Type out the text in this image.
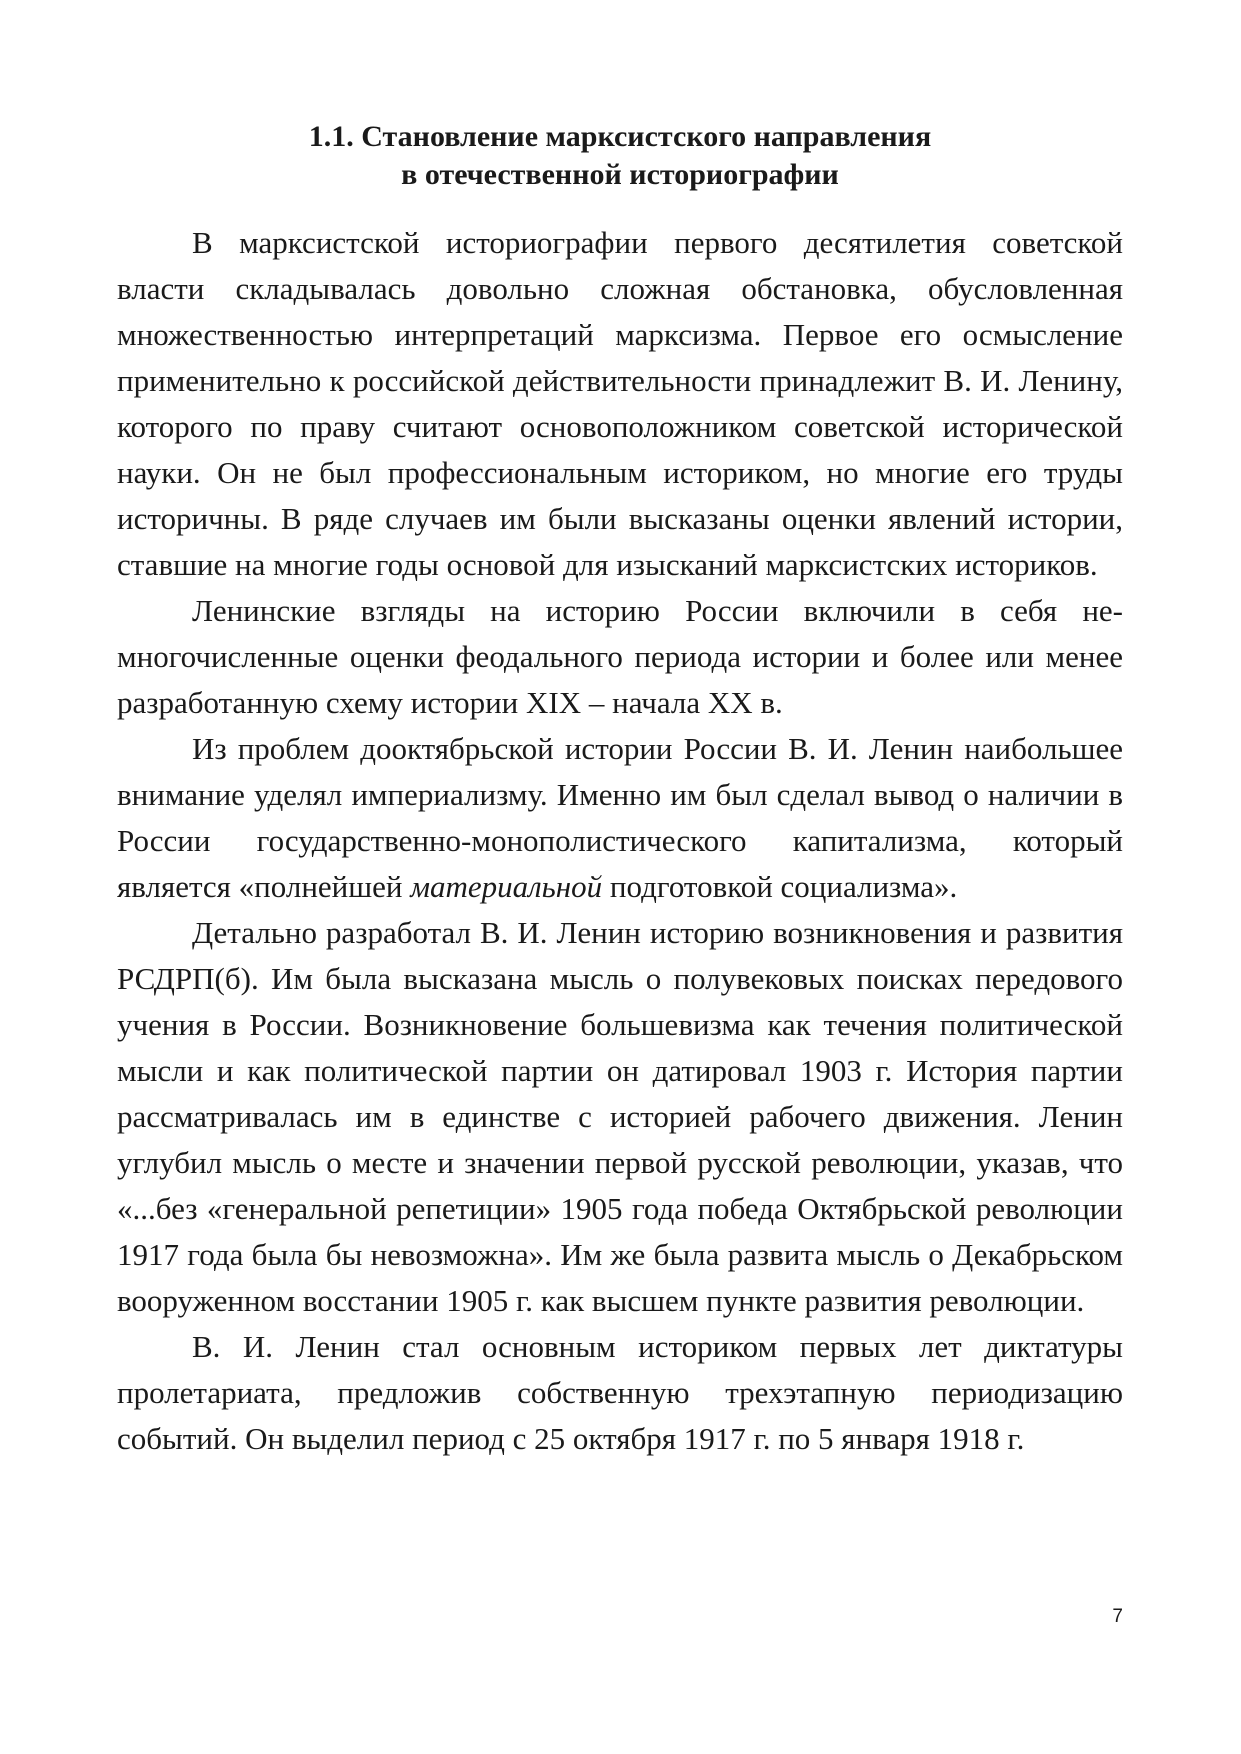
1.1. Становление марксистского направления
в отечественной историографии

В марксистской историографии первого десятилетия советской власти складывалась довольно сложная обстановка, обусловленная множественностью интерпретаций марксизма. Первое его осмысление применительно к российской действительности принадлежит В. И. Ленину, которого по праву считают основоположником советской исторической науки. Он не был профессиональным историком, но многие его труды историчны. В ряде случаев им были высказаны оценки явлений истории, ставшие на многие годы основой для изысканий марксистских историков.

Ленинские взгляды на историю России включили в себя немногочисленные оценки феодального периода истории и более или менее разработанную схему истории XIX – начала XX в.

Из проблем дооктябрьской истории России В. И. Ленин наибольшее внимание уделял империализму. Именно им был сделал вывод о наличии в России государственно-монополистического капитализма, который является «полнейшей материальной подготовкой социализма».

Детально разработал В. И. Ленин историю возникновения и развития РСДРП(б). Им была высказана мысль о полувековых поисках передового учения в России. Возникновение большевизма как течения политической мысли и как политической партии он датировал 1903 г. История партии рассматривалась им в единстве с историей рабочего движения. Ленин углубил мысль о месте и значении первой русской революции, указав, что «...без «генеральной репетиции» 1905 года победа Октябрьской революции 1917 года была бы невозможна». Им же была развита мысль о Декабрьском вооруженном восстании 1905 г. как высшем пункте развития революции.

В. И. Ленин стал основным историком первых лет диктатуры пролетариата, предложив собственную трехэтапную периодизацию событий. Он выделил период с 25 октября 1917 г. по 5 января 1918 г.

7
